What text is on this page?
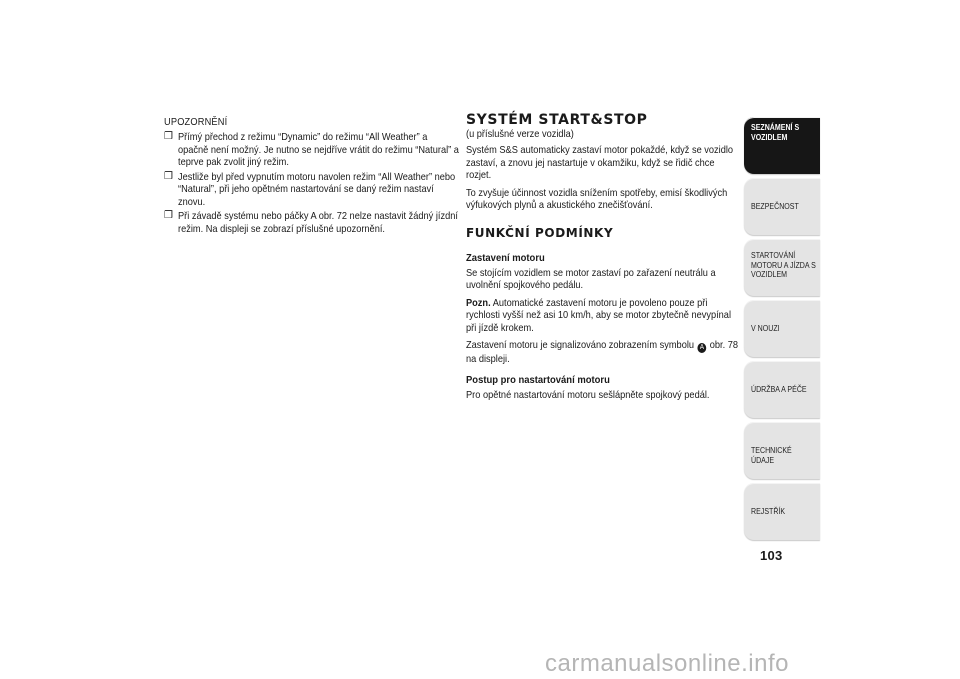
UPOZORNĚNÍ
❒ Přímý přechod z režimu “Dynamic” do režimu “All Weather” a opačně není možný. Je nutno se nejdříve vrátit do režimu “Natural” a teprve pak zvolit jiný režim.
❒ Jestliže byl před vypnutím motoru navolen režim “All Weather” nebo “Natural”, při jeho opětném nastartování se daný režim nastaví znovu.
❒ Při závadě systému nebo páčky A obr. 72 nelze nastavit žádný jízdní režim. Na displeji se zobrazí příslušné upozornění.
SYSTÉM START&STOP
(u příslušné verze vozidla)

Systém S&S automaticky zastaví motor pokaždé, když se vozidlo zastaví, a znovu jej nastartuje v okamžiku, když se řidič chce rozjet.

To zvyšuje účinnost vozidla snížením spotřeby, emisí škodlivých výfukových plynů a akustického znečišťování.

FUNKČNÍ PODMÍNKY
Zastavení motoru

Se stojícím vozidlem se motor zastaví po zařazení neutrálu a uvolnění spojkového pedálu.

Pozn. Automatické zastavení motoru je povoleno pouze při rychlosti vyšší než asi 10 km/h, aby se motor zbytečně nevypínal při jízdě krokem.

Zastavení motoru je signalizováno zobrazením symbolu A obr. 78 na displeji.

Postup pro nastartování motoru

Pro opětné nastartování motoru sešlápněte spojkový pedál.

SEZNÁMENÍ S VOZIDLEM
BEZPEČNOST
STARTOVÁNÍ MOTORU A JÍZDA S VOZIDLEM
V NOUZI
ÚDRŽBA A PÉČE
TECHNICKÉ ÚDAJE
REJSTŘÍK
103
carmanualsonline.info
